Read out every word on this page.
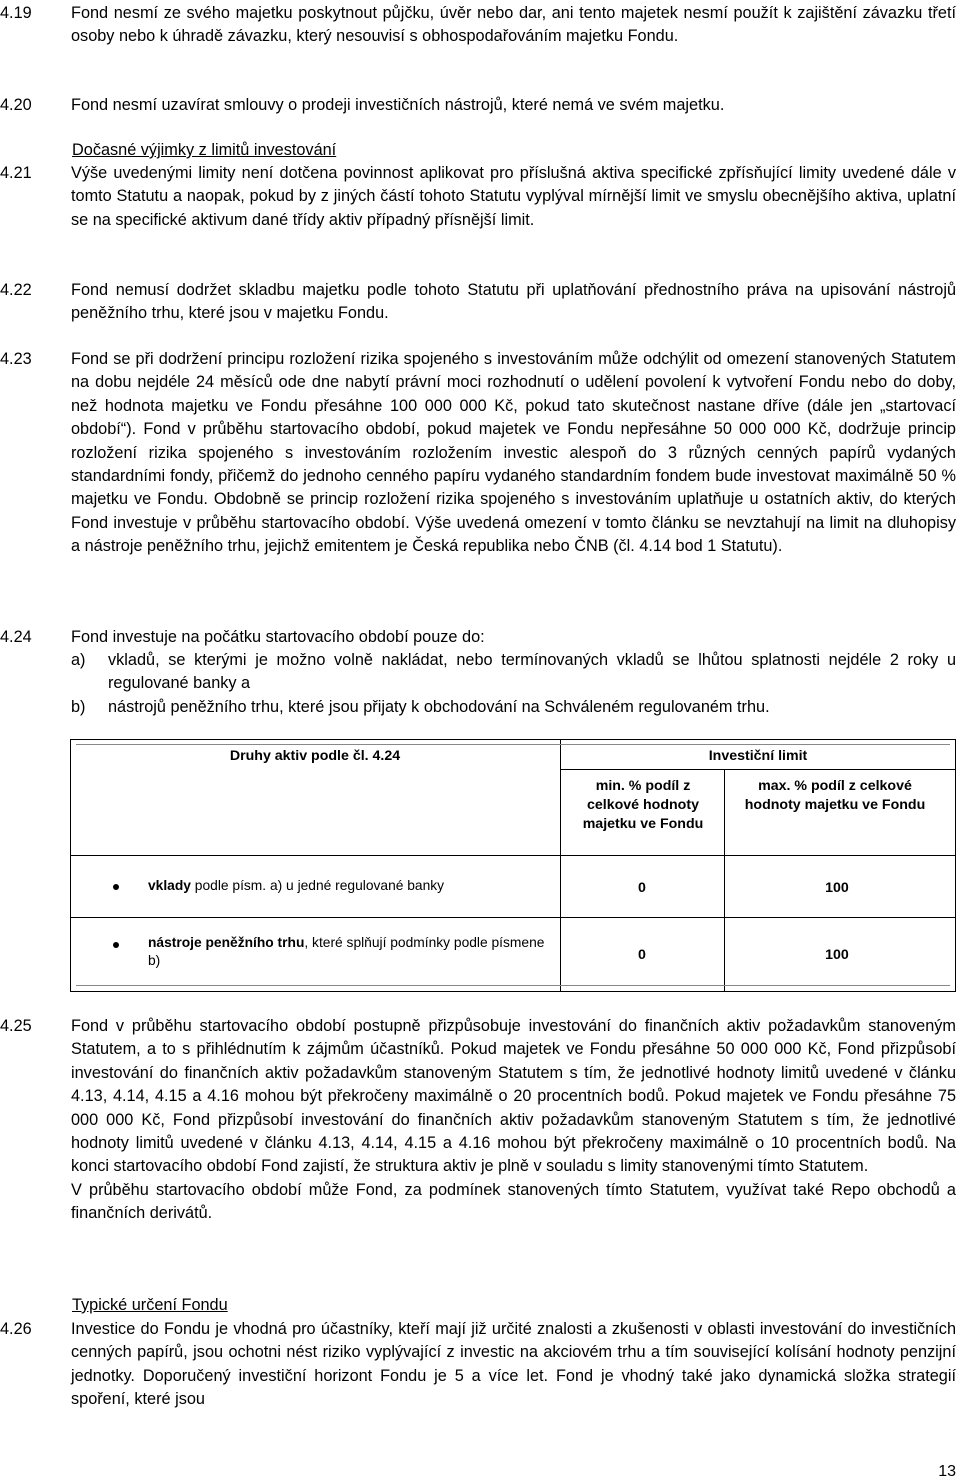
4.19	Fond nesmí ze svého majetku poskytnout půjčku, úvěr nebo dar, ani tento majetek nesmí použít k zajištění závazku třetí osoby nebo k úhradě závazku, který nesouvisí s obhospodařováním majetku Fondu.
4.20	Fond nesmí uzavírat smlouvy o prodeji investičních nástrojů, které nemá ve svém majetku.
Dočasné výjimky z limitů investování
4.21	Výše uvedenými limity není dotčena povinnost aplikovat pro příslušná aktiva specifické zpřísňující limity uvedené dále v tomto Statutu a naopak, pokud by z jiných částí tohoto Statutu vyplýval mírnější limit ve smyslu obecnějšího aktiva, uplatní se na specifické aktivum dané třídy aktiv případný přísnější limit.
4.22	Fond nemusí dodržet skladbu majetku podle tohoto Statutu při uplatňování přednostního práva na upisování nástrojů peněžního trhu, které jsou v majetku Fondu.
4.23	Fond se při dodržení principu rozložení rizika spojeného s investováním může odchýlit od omezení stanovených Statutem na dobu nejdéle 24 měsíců ode dne nabytí právní moci rozhodnutí o udělení povolení k vytvoření Fondu nebo do doby, než hodnota majetku ve Fondu přesáhne 100 000 000 Kč, pokud tato skutečnost nastane dříve (dále jen „startovací období“). Fond v průběhu startovacího období, pokud majetek ve Fondu nepřesáhne 50 000 000 Kč, dodržuje princip rozložení rizika spojeného s investováním rozložením investic alespoň do 3 různých cenných papírů vydaných standardními fondy, přičemž do jednoho cenného papíru vydaného standardním fondem bude investovat maximálně 50 % majetku ve Fondu. Obdobně se princip rozložení rizika spojeného s investováním uplatňuje u ostatních aktiv, do kterých Fond investuje v průběhu startovacího období. Výše uvedená omezení v tomto článku se nevztahují na limit na dluhopisy a nástroje peněžního trhu, jejichž emitentem je Česká republika nebo ČNB (čl. 4.14 bod 1 Statutu).
4.24	Fond investuje na počátku startovacího období pouze do:
a)	vkladů, se kterými je možno volně nakládat, nebo termínovaných vkladů se lhůtou splatnosti nejdéle 2 roky u regulované banky a
b)	nástrojů peněžního trhu, které jsou přijaty k obchodování na Schváleném regulovaném trhu.
Druhy aktiv podle čl. 4.24	Investiční limit
min. % podíl z celkové hodnoty majetku ve Fondu
max. % podíl z celkové hodnoty majetku ve Fondu
vklady podle písm. a) u jedné regulované banky	0	100
nástroje peněžního trhu, které splňují podmínky podle písmene b)	0	100
4.25	Fond v průběhu startovacího období postupně přizpůsobuje investování do finančních aktiv požadavkům stanoveným Statutem, a to s přihlédnutím k zájmům účastníků. Pokud majetek ve Fondu přesáhne 50 000 000 Kč, Fond přizpůsobí investování do finančních aktiv požadavkům stanoveným Statutem s tím, že jednotlivé hodnoty limitů uvedené v článku 4.13, 4.14, 4.15 a 4.16 mohou být překročeny maximálně o 20 procentních bodů. Pokud majetek ve Fondu přesáhne 75 000 000 Kč, Fond přizpůsobí investování do finančních aktiv požadavkům stanoveným Statutem s tím, že jednotlivé hodnoty limitů uvedené v článku 4.13, 4.14, 4.15 a 4.16 mohou být překročeny maximálně o 10 procentních bodů. Na konci startovacího období Fond zajistí, že struktura aktiv je plně v souladu s limity stanovenými tímto Statutem.
V průběhu startovacího období může Fond, za podmínek stanovených tímto Statutem, využívat také Repo obchodů a finančních derivátů.
Typické určení Fondu
4.26	Investice do Fondu je vhodná pro účastníky, kteří mají již určité znalosti a zkušenosti v oblasti investování do investičních cenných papírů, jsou ochotni nést riziko vyplývající z investic na akciovém trhu a tím související kolísání hodnoty penzijní jednotky. Doporučený investiční horizont Fondu je 5 a více let. Fond je vhodný také jako dynamická složka strategií spoření, které jsou
13
